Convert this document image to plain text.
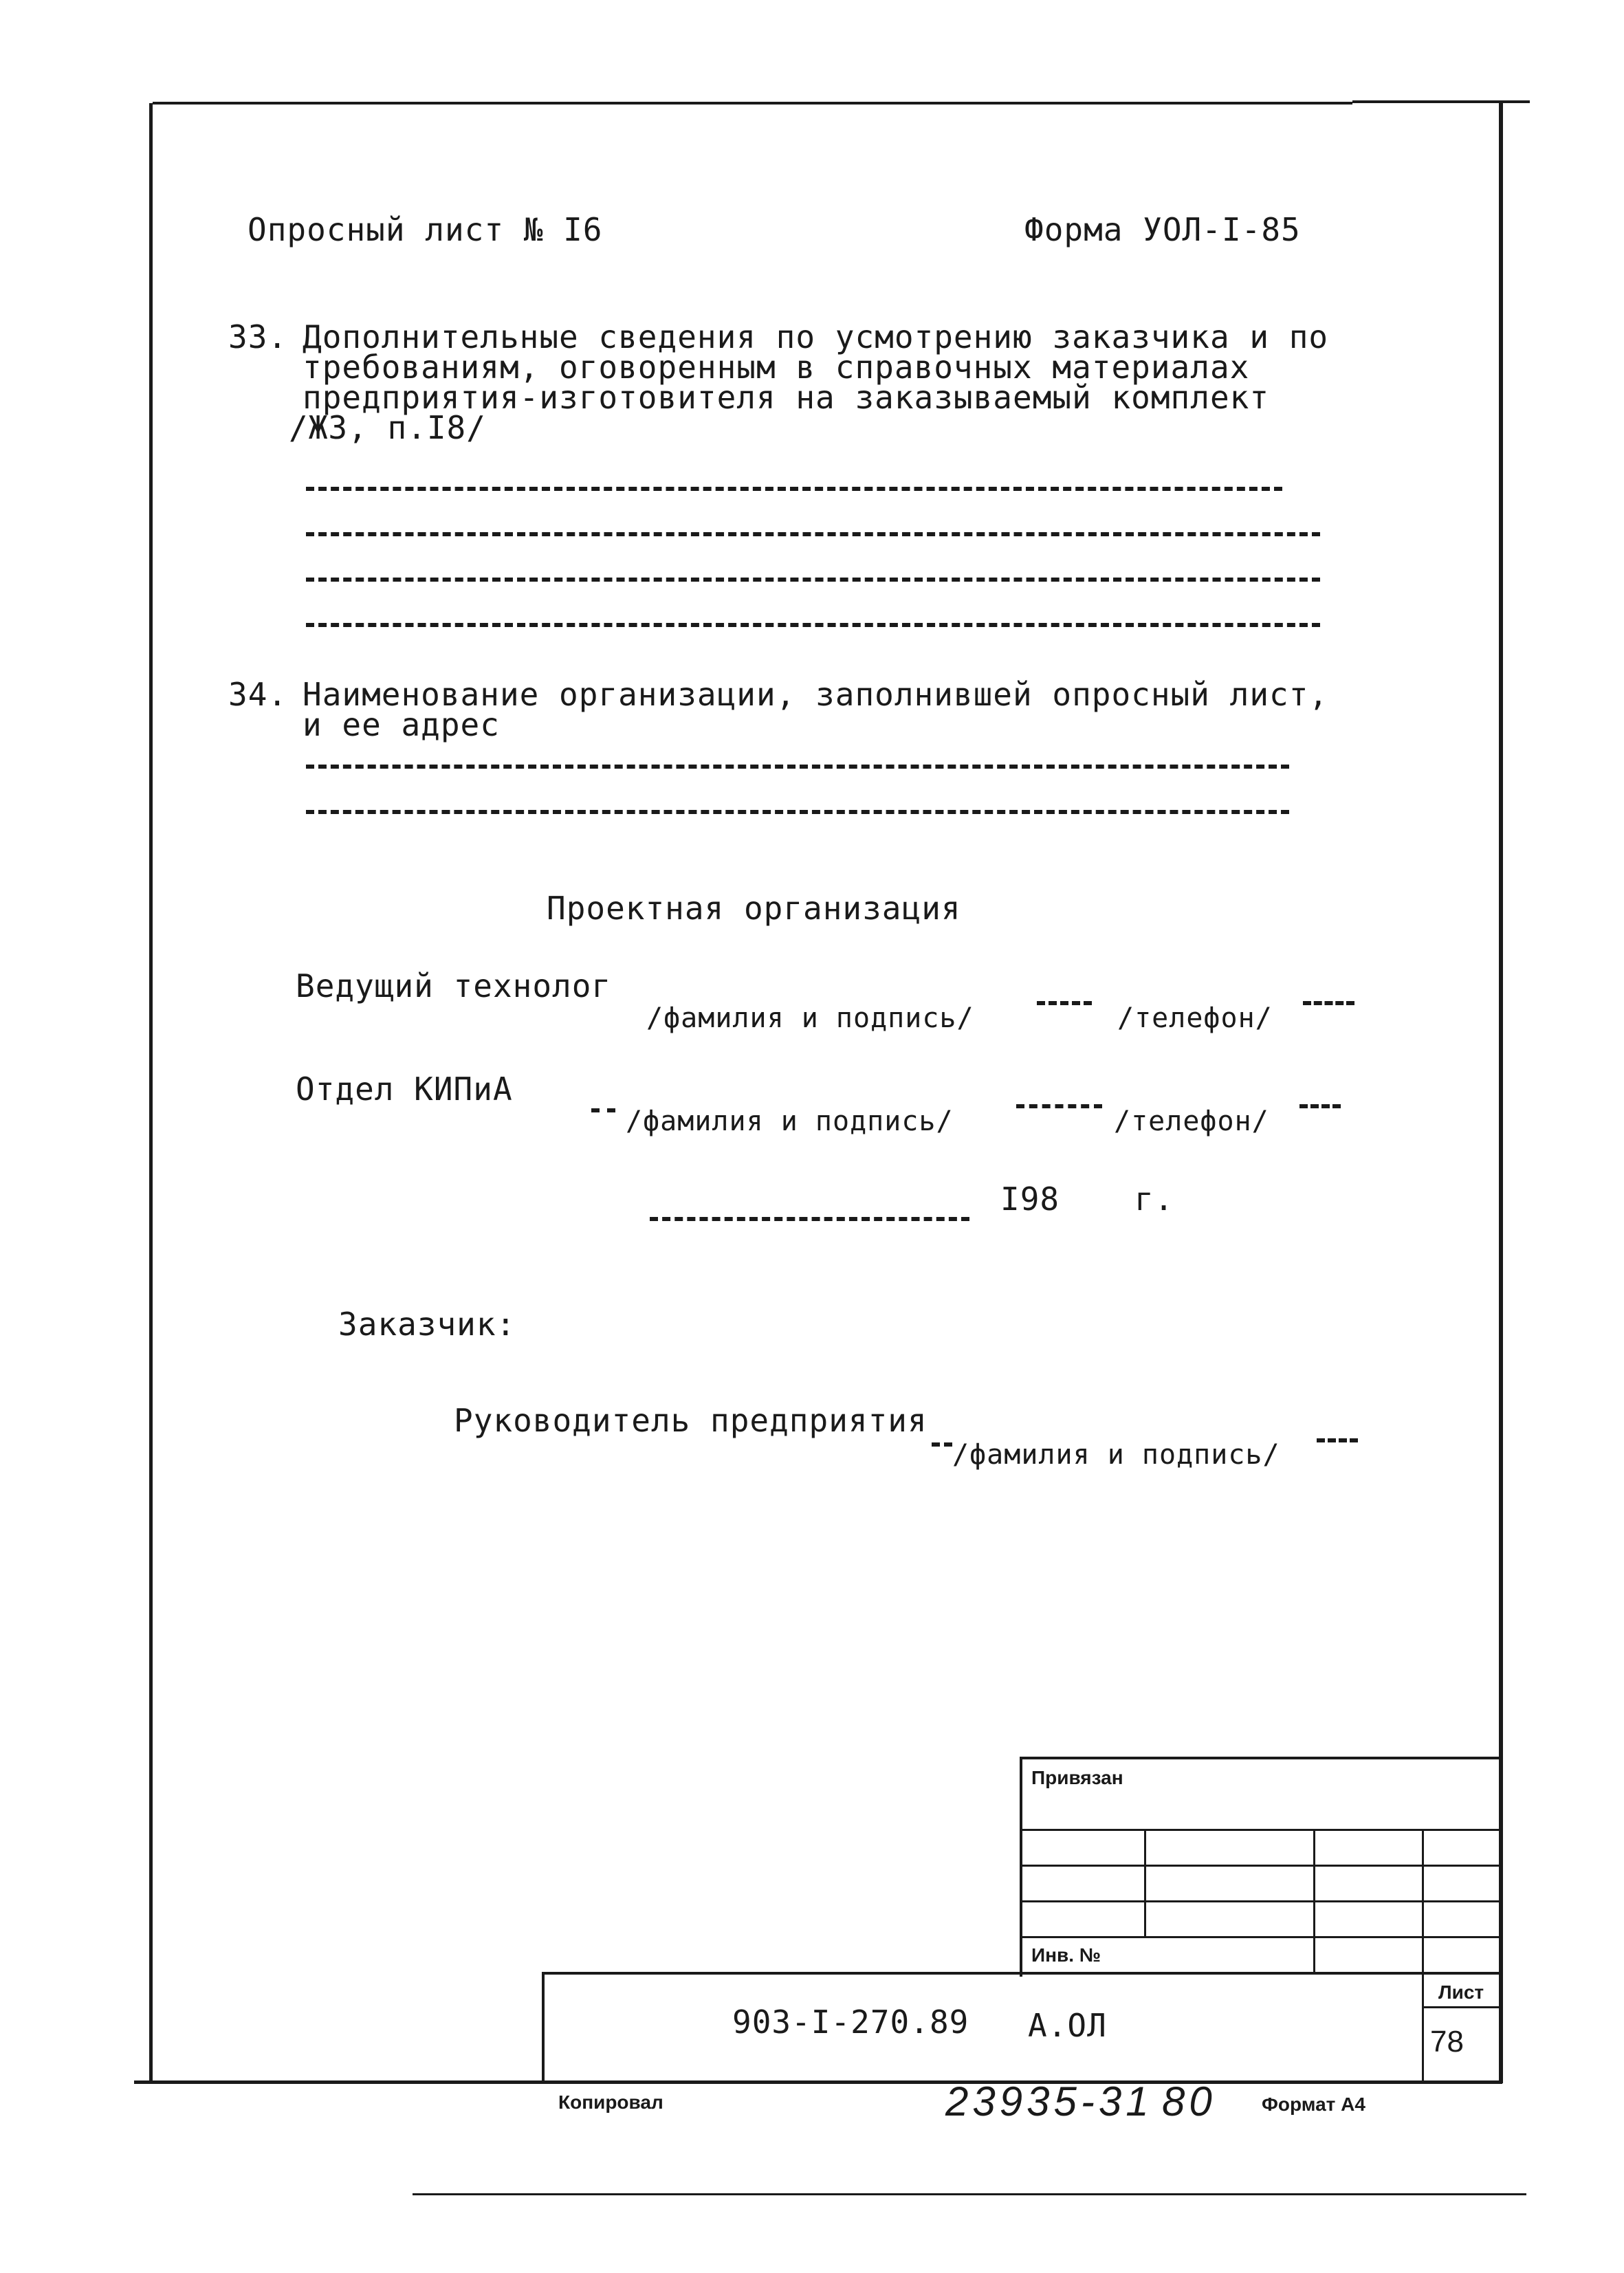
Опросный лист № I6	Форма УОЛ-I-85
33. Дополнительные сведения по усмотрению заказчика и по
требованиям, оговоренным в справочных материалах
предприятия-изготовителя на заказываемый комплект
/ЖЗ, п.I8/
34. Наименование организации, заполнившей опросный лист,
и ее адрес
Проектная организация
Ведущий технолог
/фамилия и подпись/	/телефон/
Отдел КИПиА
/фамилия и подпись/	/телефон/
I98 г.
Заказчик:
Руководитель предприятия
/фамилия и подпись/
Привязан
Инв. №
903-I-270.89 А.ОЛ
Лист
78
Копировал	23935-31 80 Формат А4
